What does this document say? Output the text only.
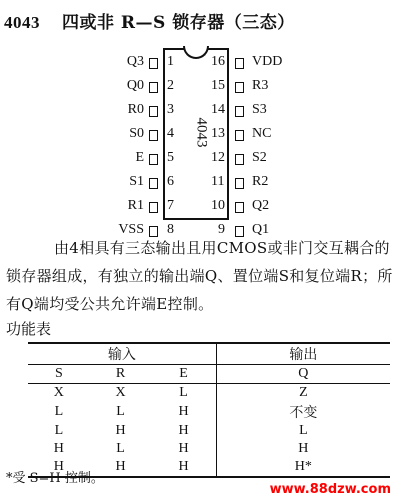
4043 四或非 R—S 锁存器（三态）
4043
Q3 1
Q0 2
R0 3
S0 4
E 5
S1 6
R1 7
VSS 8
16 VDD
15 R3
14 S3
13 NC
12 S2
11 R2
10 Q2
9 Q1

由4相具有三态输出且用CMOS或非门交互耦合的锁存器组成，有独立的输出端Q、置位端S和复位端R；所有Q端均受公共允许端E控制。

功能表
输入			输出
S	R	E	Q
X	X	L	Z
L	L	H	不变
L	H	H	L
H	L	H	H
H	H	H	H*
*受 S=H 控制。
www.88dzw.com
